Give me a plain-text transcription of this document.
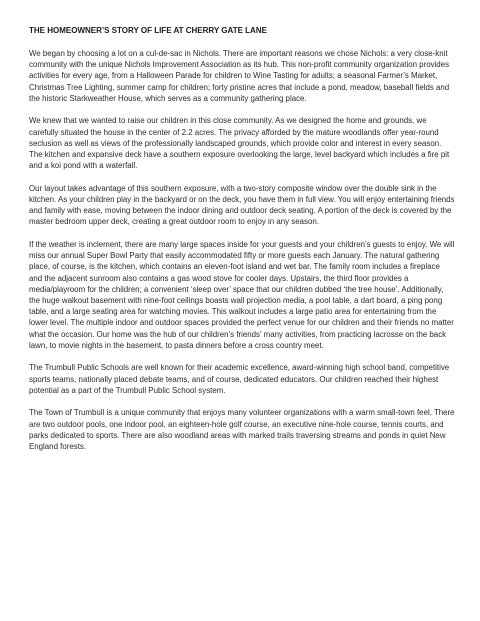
THE HOMEOWNER’S STORY OF LIFE AT CHERRY GATE LANE

We began by choosing a lot on a cul-de-sac in Nichols. There are important reasons we chose Nichols: a very close-knit community with the unique Nichols Improvement Association as its hub. This non-profit community organization provides activities for every age, from a Halloween Parade for children to Wine Tasting for adults; a seasonal Farmer’s Market, Christmas Tree Lighting, summer camp for children; forty pristine acres that include a pond, meadow, baseball fields and the historic Starkweather House, which serves as a community gathering place.

We knew that we wanted to raise our children in this close community. As we designed the home and grounds, we carefully situated the house in the center of 2.2 acres. The privacy afforded by the mature woodlands offer year-round seclusion as well as views of the professionally landscaped grounds, which provide color and interest in every season. The kitchen and expansive deck have a southern exposure overlooking the large, level backyard which includes a fire pit and a koi pond with a waterfall.

Our layout takes advantage of this southern exposure, with a two-story composite window over the double sink in the kitchen. As your children play in the backyard or on the deck, you have them in full view. You will enjoy entertaining friends and family with ease, moving between the indoor dining and outdoor deck seating. A portion of the deck is covered by the master bedroom upper deck, creating a great outdoor room to enjoy in any season.

If the weather is inclement, there are many large spaces inside for your guests and your children’s guests to enjoy. We will miss our annual Super Bowl Party that easily accommodated fifty or more guests each January. The natural gathering place, of course, is the kitchen, which contains an eleven-foot island and wet bar. The family room includes a fireplace and the adjacent sunroom also contains a gas wood stove for cooler days. Upstairs, the third floor provides a media/playroom for the children; a convenient ‘sleep over’ space that our children dubbed ‘the tree house’. Additionally, the huge walkout basement with nine-foot ceilings boasts wall projection media, a pool table, a dart board, a ping pong table, and a large seating area for watching movies. This walkout includes a large patio area for entertaining from the lower level. The multiple indoor and outdoor spaces provided the perfect venue for our children and their friends no matter what the occasion. Our home was the hub of our children’s friends’ many activities, from practicing lacrosse on the back lawn, to movie nights in the basement, to pasta dinners before a cross country meet.

The Trumbull Public Schools are well known for their academic excellence, award-winning high school band, competitive sports teams, nationally placed debate teams, and of course, dedicated educators. Our children reached their highest potential as a part of the Trumbull Public School system.

The Town of Trumbull is a unique community that enjoys many volunteer organizations with a warm small-town feel. There are two outdoor pools, one indoor pool, an eighteen-hole golf course, an executive nine-hole course, tennis courts, and parks dedicated to sports. There are also woodland areas with marked trails traversing streams and ponds in quiet New England forests.
